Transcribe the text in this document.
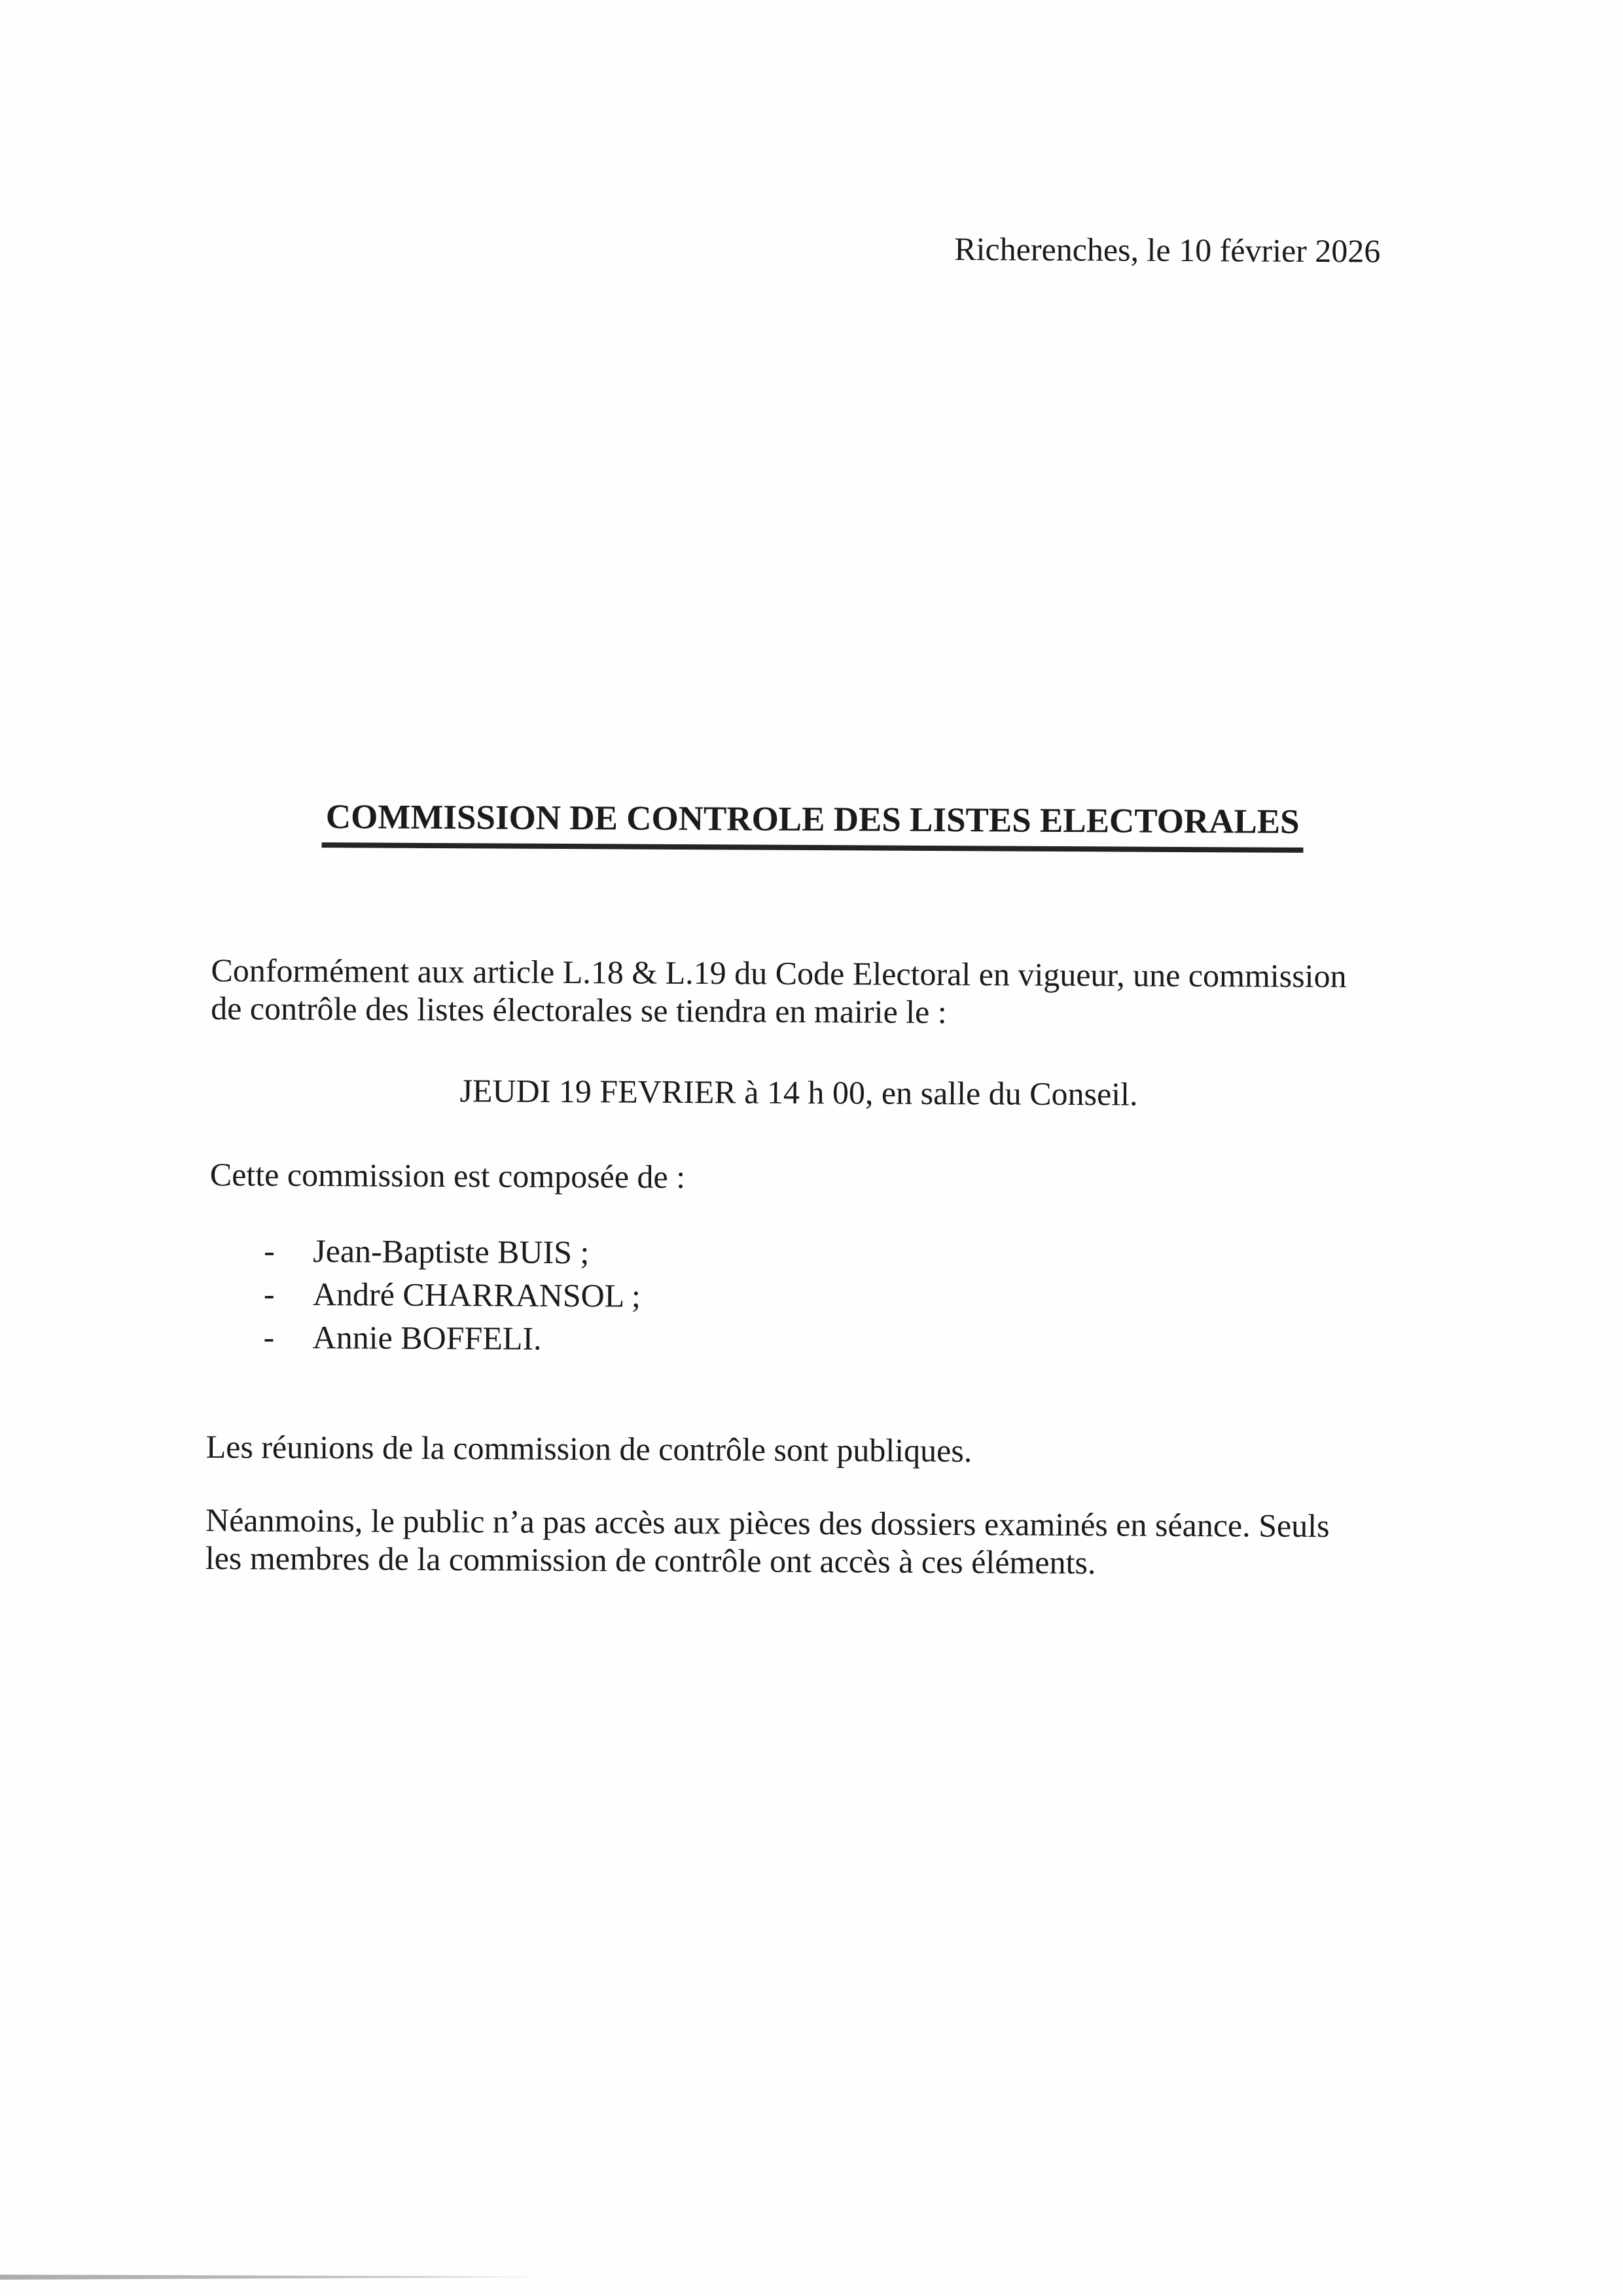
Richerenches, le 10 février 2026
COMMISSION DE CONTROLE DES LISTES ELECTORALES

Conformément aux article L.18 & L.19 du Code Electoral en vigueur, une commission
de contrôle des listes électorales se tiendra en mairie le :

JEUDI 19 FEVRIER à 14 h 00, en salle du Conseil.

Cette commission est composée de :

- Jean-Baptiste BUIS ;
- André CHARRANSOL ;
- Annie BOFFELI.

Les réunions de la commission de contrôle sont publiques.

Néanmoins, le public n’a pas accès aux pièces des dossiers examinés en séance. Seuls
les membres de la commission de contrôle ont accès à ces éléments.
